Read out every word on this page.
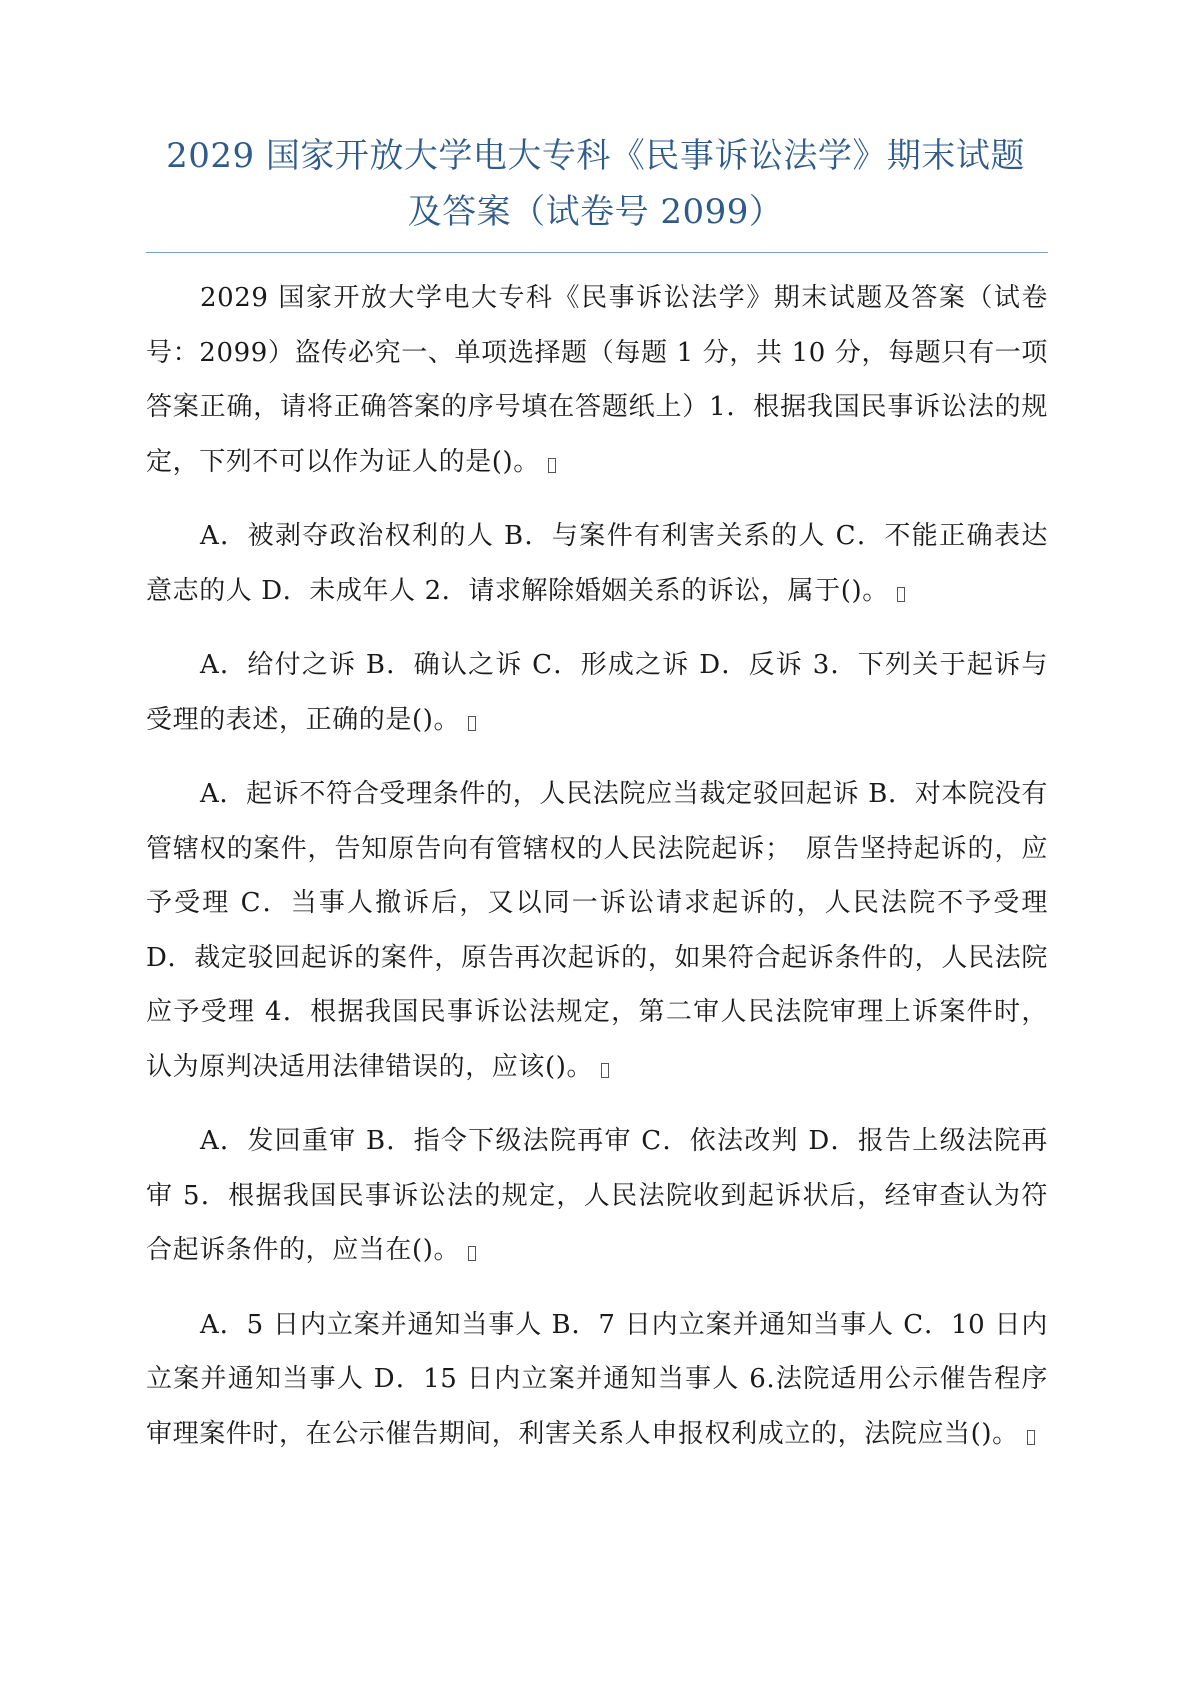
2029 国家开放大学电大专科《民事诉讼法学》期末试题
及答案（试卷号 2099）

2029 国家开放大学电大专科《民事诉讼法学》期末试题及答案（试卷号：2099）盗传必究一、单项选择题（每题 1 分，共 10 分，每题只有一项答案正确，请将正确答案的序号填在答题纸上）1．根据我国民事诉讼法的规定，下列不可以作为证人的是()。

A．被剥夺政治权利的人 B．与案件有利害关系的人 C．不能正确表达意志的人 D．未成年人 2．请求解除婚姻关系的诉讼，属于()。

A．给付之诉 B．确认之诉 C．形成之诉 D．反诉 3．下列关于起诉与受理的表述，正确的是()。

A．起诉不符合受理条件的，人民法院应当裁定驳回起诉 B．对本院没有管辖权的案件，告知原告向有管辖权的人民法院起诉；　原告坚持起诉的，应予受理 C．当事人撤诉后，又以同一诉讼请求起诉的，人民法院不予受理 D．裁定驳回起诉的案件，原告再次起诉的，如果符合起诉条件的，人民法院应予受理 4．根据我国民事诉讼法规定，第二审人民法院审理上诉案件时，认为原判决适用法律错误的，应该()。

A．发回重审 B．指令下级法院再审 C．依法改判 D．报告上级法院再审 5．根据我国民事诉讼法的规定，人民法院收到起诉状后，经审查认为符合起诉条件的，应当在()。

A．5 日内立案并通知当事人 B．7 日内立案并通知当事人 C．10 日内立案并通知当事人 D．15 日内立案并通知当事人 6.法院适用公示催告程序审理案件时，在公示催告期间，利害关系人申报权利成立的，法院应当()。
